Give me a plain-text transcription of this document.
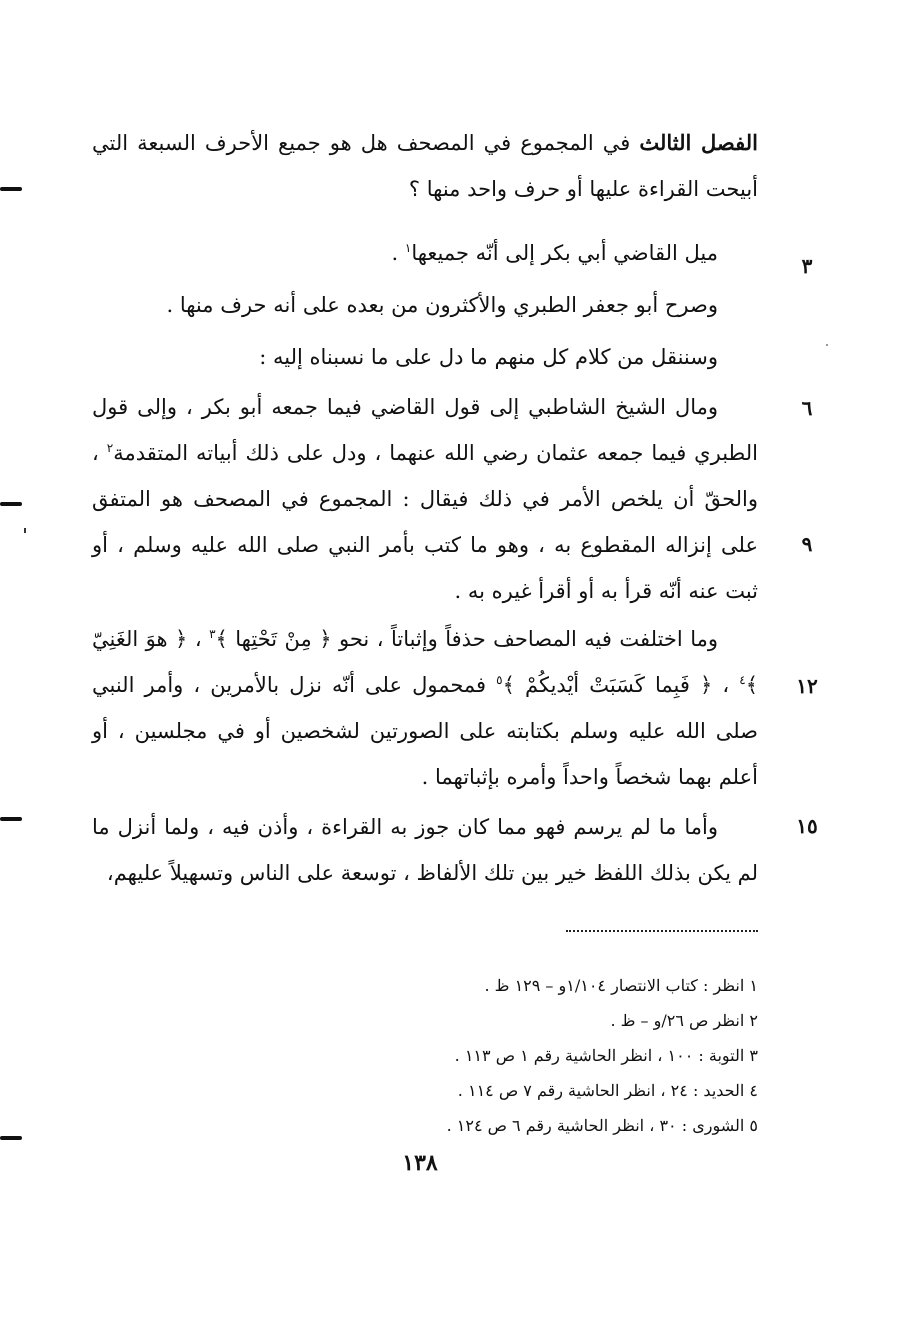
الفصل الثالث في المجموع في المصحف هل هو جميع الأحرف السبعة التي أبيحت القراءة عليها أو حرف واحد منها ؟
٣
٦
٩
١٢
١٥
ميل القاضي أبي بكر إلى أنّه جميعها$^١$ .
وصرح أبو جعفر الطبري والأكثرون من بعده على أنه حرف منها .
وسننقل من كلام كل منهم ما دل على ما نسبناه إليه :
ومال الشيخ الشاطبي إلى قول القاضي فيما جمعه أبو بكر ، وإلى قول الطبري فيما جمعه عثمان رضي الله عنهما ، ودل على ذلك أبياته المتقدمة$^٢$ ، والحقّ أن يلخص الأمر في ذلك فيقال : المجموع في المصحف هو المتفق على إنزاله المقطوع به ، وهو ما كتب بأمر النبي صلى الله عليه وسلم ، أو ثبت عنه أنّه قرأ به أو أقرأ غيره به .
وما اختلفت فيه المصاحف حذفاً وإثباتاً ، نحو ﴿ مِنْ تَحْتِها ﴾$^٣$ ، ﴿ هوَ الغَنِيّ ﴾$^٤$ ، ﴿ فَبِما كَسَبَتْ أيْديكُمْ ﴾$^٥$ فمحمول على أنّه نزل بالأمرين ، وأمر النبي صلى الله عليه وسلم بكتابته على الصورتين لشخصين أو في مجلسين ، أو أعلم بهما شخصاً واحداً وأمره بإثباتهما .
وأما ما لم يرسم فهو مما كان جوز به القراءة ، وأذن فيه ، ولما أنزل ما لم يكن بذلك اللفظ خير بين تلك الألفاظ ، توسعة على الناس وتسهيلاً عليهم،
١ انظر : كتاب الانتصار ١/١٠٤و – ١٢٩ ظ .
٢ انظر ص ٢٦/و – ظ .
٣ التوبة : ١٠٠ ، انظر الحاشية رقم ١ ص ١١٣ .
٤ الحديد : ٢٤ ، انظر الحاشية رقم ٧ ص ١١٤ .
٥ الشورى : ٣٠ ، انظر الحاشية رقم ٦ ص ١٢٤ .
١٣٨
